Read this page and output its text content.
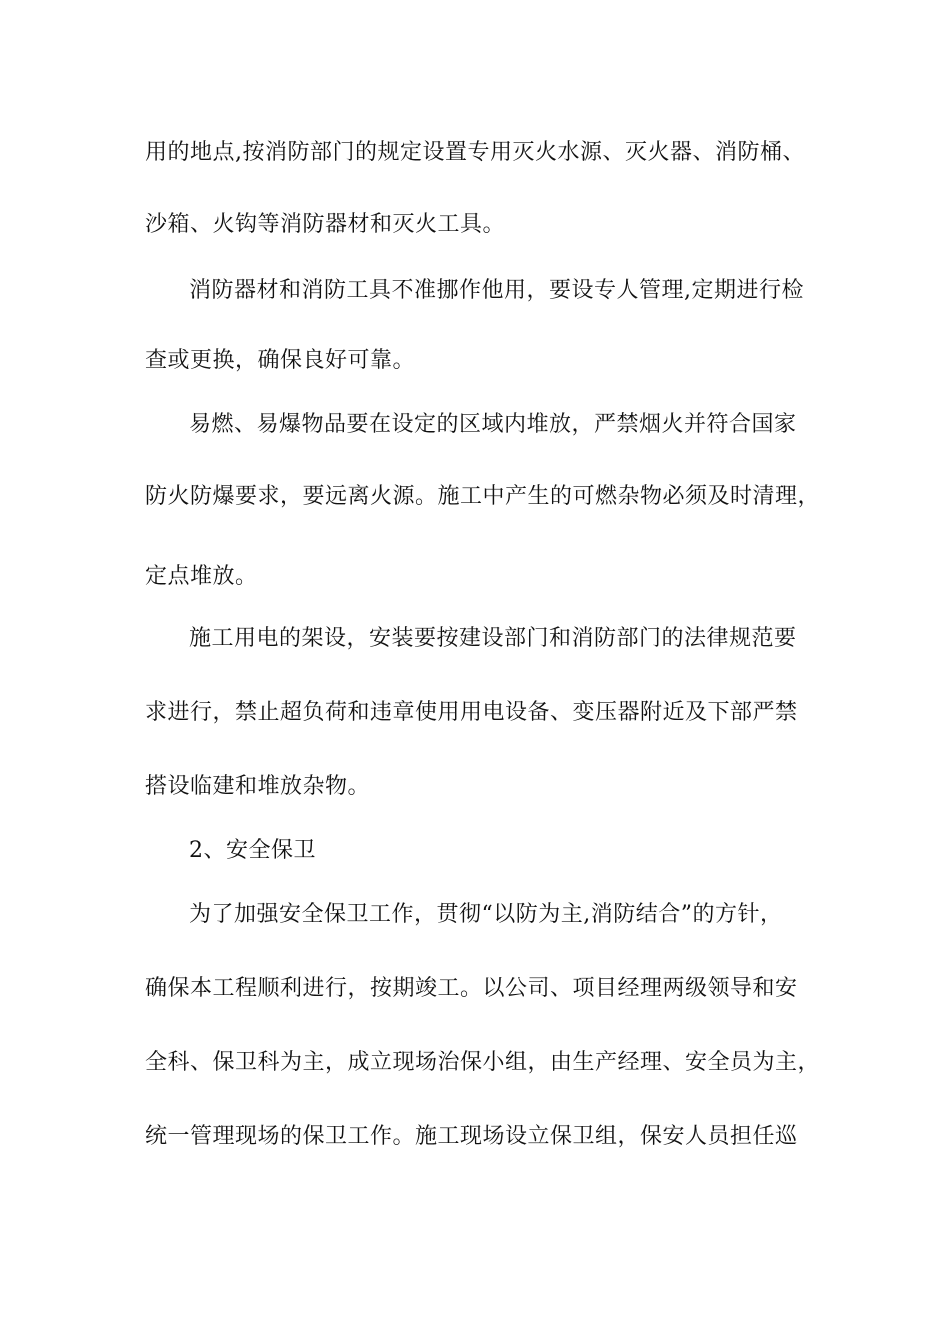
用的地点,按消防部门的规定设置专用灭火水源、灭火器、消防桶、
沙箱、火钩等消防器材和灭火工具。
消防器材和消防工具不准挪作他用，要设专人管理,定期进行检
查或更换，确保良好可靠。
易燃、易爆物品要在设定的区域内堆放，严禁烟火并符合国家
防火防爆要求，要远离火源。施工中产生的可燃杂物必须及时清理，
定点堆放。
施工用电的架设，安装要按建设部门和消防部门的法律规范要
求进行，禁止超负荷和违章使用用电设备、变压器附近及下部严禁
搭设临建和堆放杂物。
2、安全保卫
为了加强安全保卫工作，贯彻“以防为主,消防结合”的方针，
确保本工程顺利进行，按期竣工。以公司、项目经理两级领导和安
全科、保卫科为主，成立现场治保小组，由生产经理、安全员为主，
统一管理现场的保卫工作。施工现场设立保卫组，保安人员担任巡
